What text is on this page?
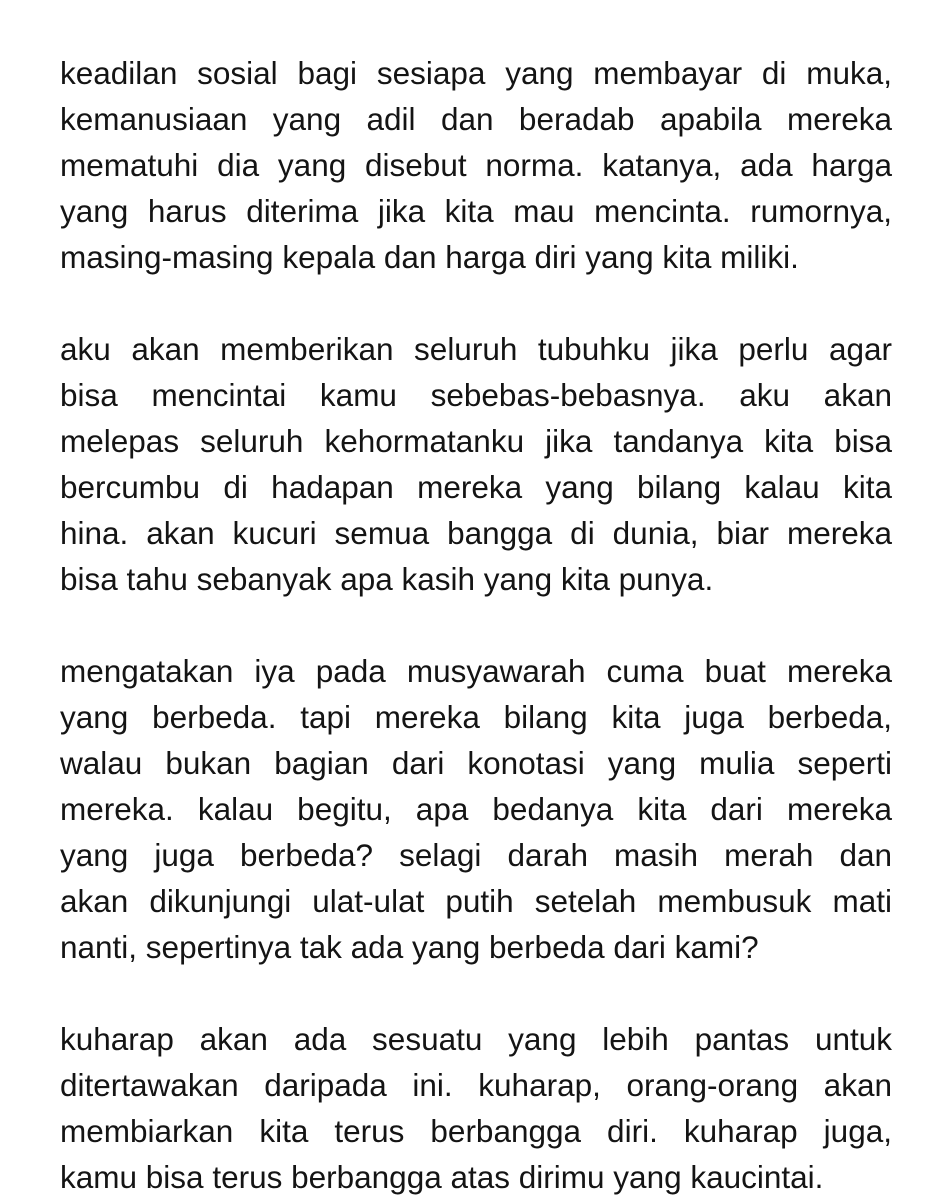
keadilan sosial bagi sesiapa yang membayar di muka,
kemanusiaan yang adil dan beradab apabila mereka
mematuhi dia yang disebut norma. katanya, ada harga
yang harus diterima jika kita mau mencinta. rumornya,
masing-masing kepala dan harga diri yang kita miliki.
aku akan memberikan seluruh tubuhku jika perlu agar
bisa mencintai kamu sebebas-bebasnya. aku akan
melepas seluruh kehormatanku jika tandanya kita bisa
bercumbu di hadapan mereka yang bilang kalau kita
hina. akan kucuri semua bangga di dunia, biar mereka
bisa tahu sebanyak apa kasih yang kita punya.
mengatakan iya pada musyawarah cuma buat mereka
yang berbeda. tapi mereka bilang kita juga berbeda,
walau bukan bagian dari konotasi yang mulia seperti
mereka. kalau begitu, apa bedanya kita dari mereka
yang juga berbeda? selagi darah masih merah dan
akan dikunjungi ulat-ulat putih setelah membusuk mati
nanti, sepertinya tak ada yang berbeda dari kami?
kuharap akan ada sesuatu yang lebih pantas untuk
ditertawakan daripada ini. kuharap, orang-orang akan
membiarkan kita terus berbangga diri. kuharap juga,
kamu bisa terus berbangga atas dirimu yang kaucintai.
